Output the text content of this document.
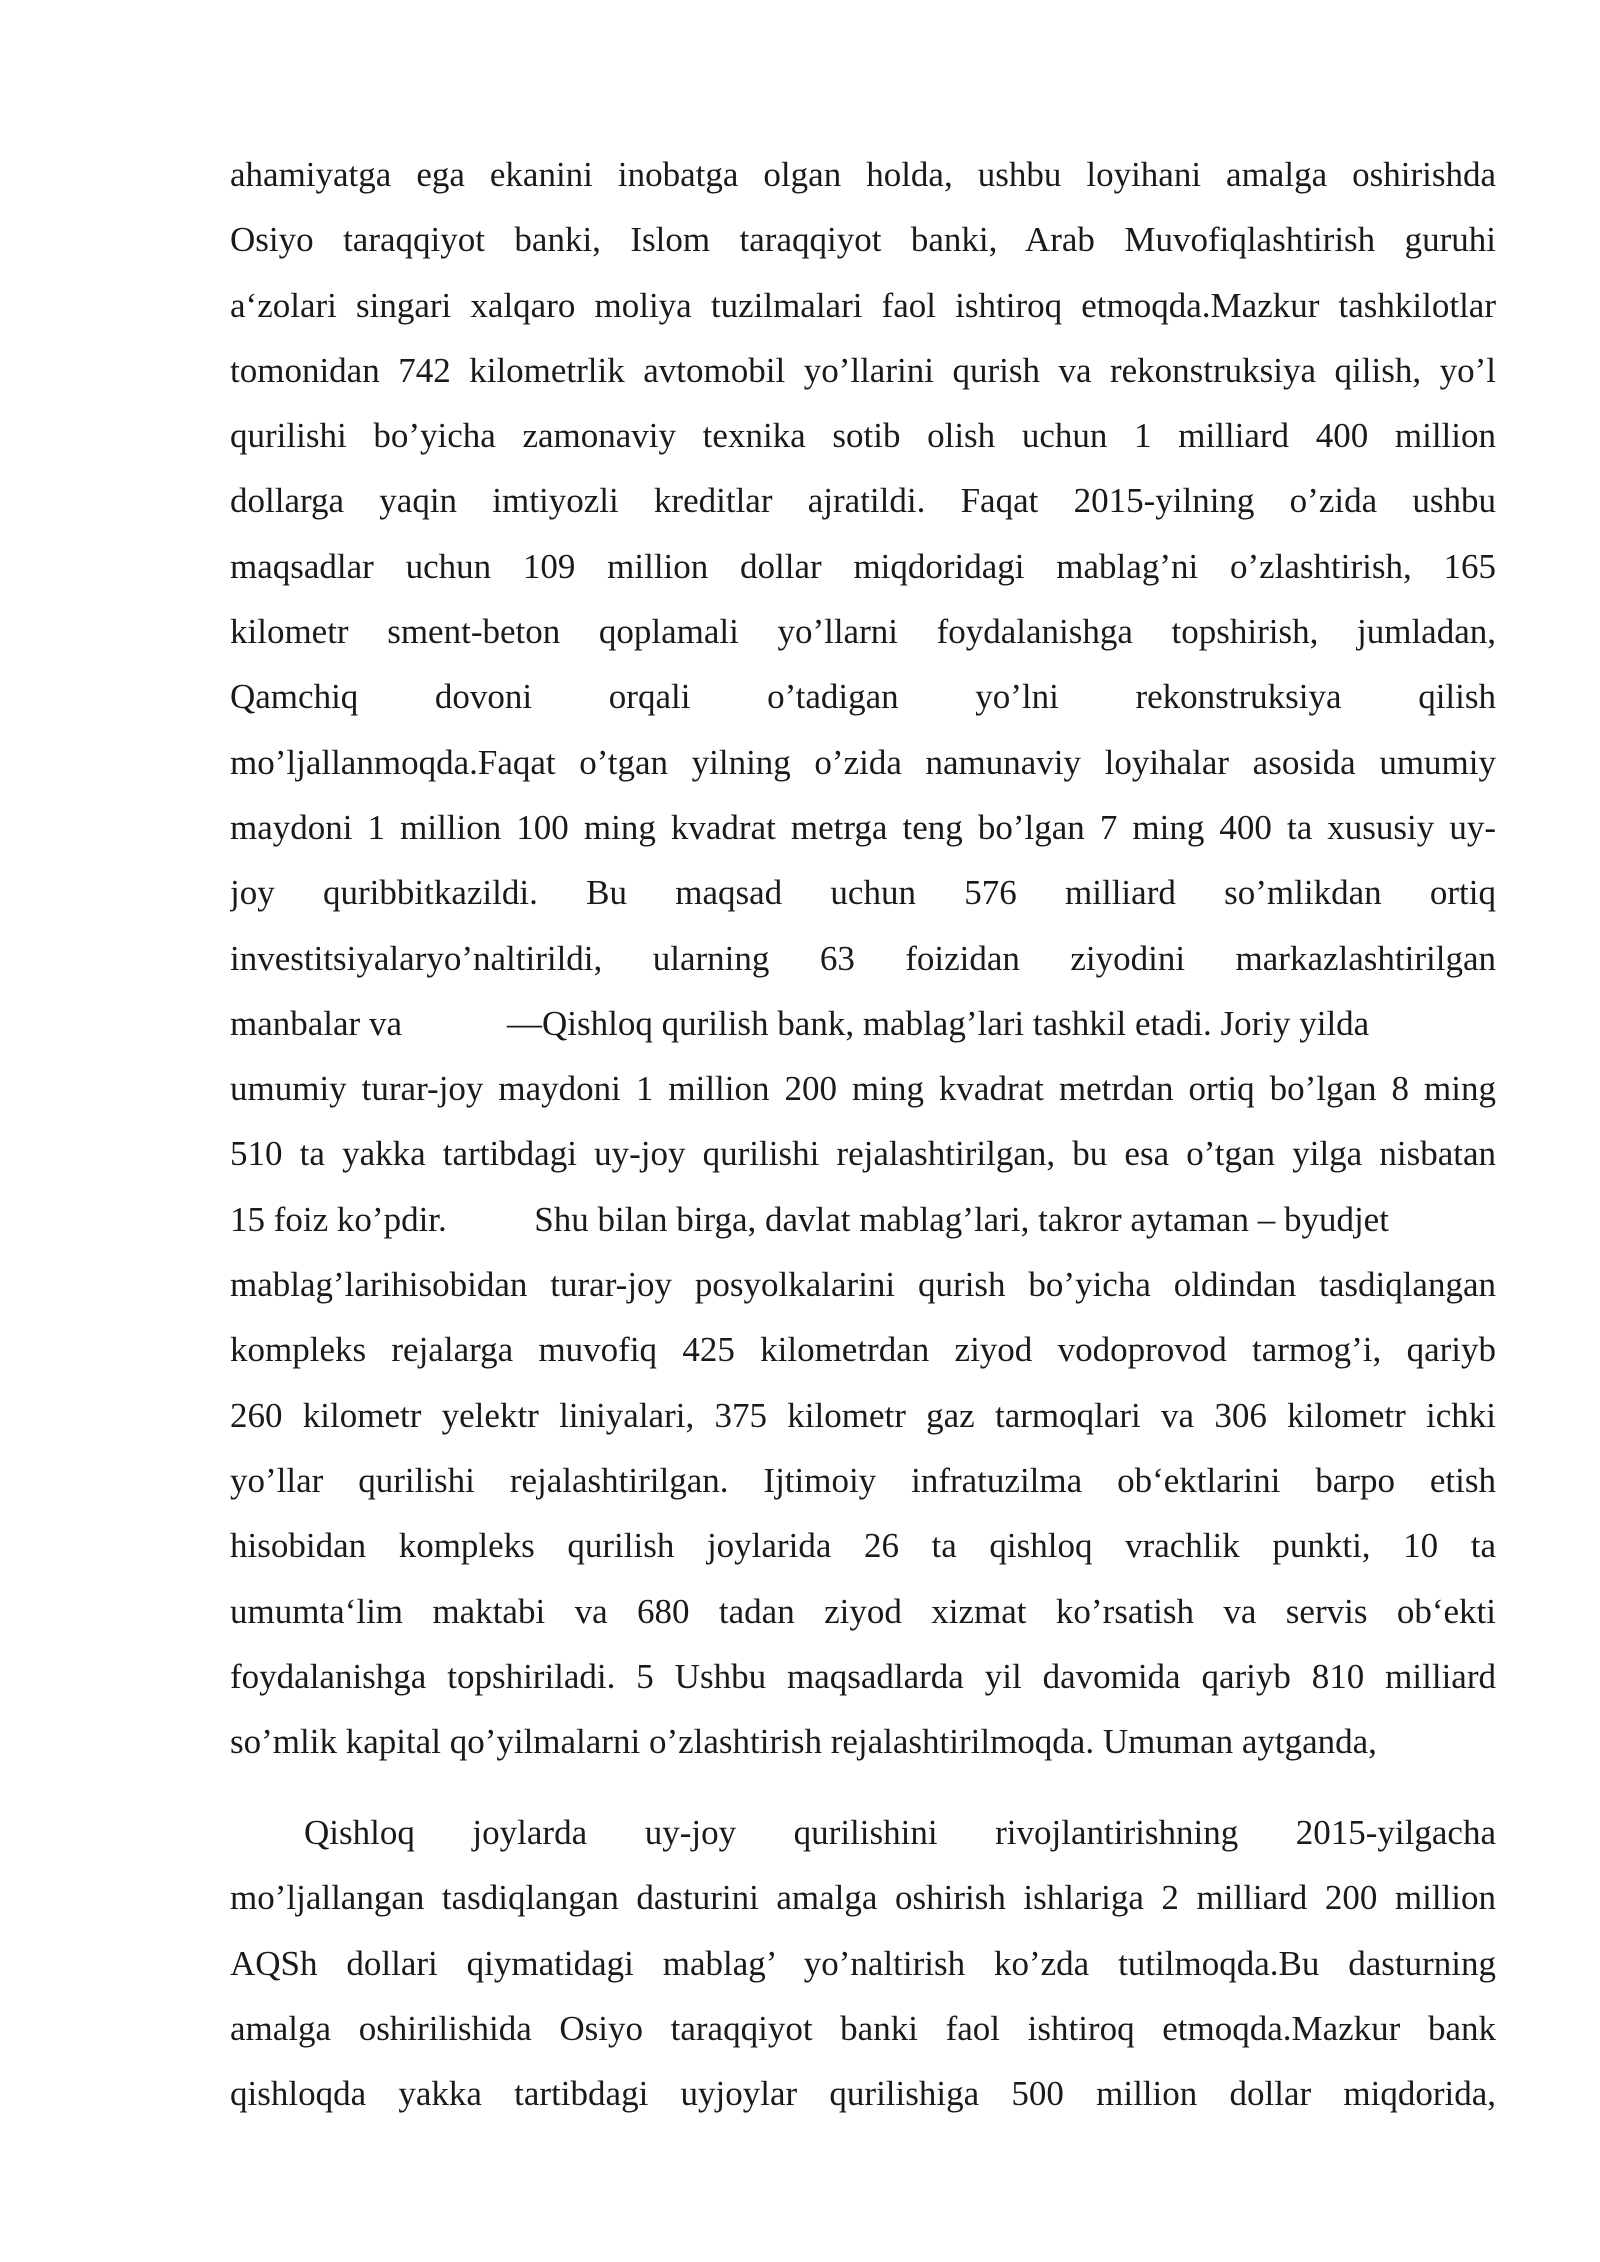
ahamiyatga ega ekanini inobatga olgan holda, ushbu loyihani amalga oshirishda
Osiyo taraqqiyot banki, Islom taraqqiyot banki, Arab Muvofiqlashtirish guruhi
a‘zolari singari xalqaro moliya tuzilmalari faol ishtiroq etmoqda.Mazkur tashkilotlar
tomonidan 742 kilometrlik avtomobil yo’llarini qurish va rekonstruksiya qilish, yo’l
qurilishi bo’yicha zamonaviy texnika sotib olish uchun 1 milliard 400 million
dollarga yaqin imtiyozli kreditlar ajratildi. Faqat 2015-yilning o’zida ushbu
maqsadlar uchun 109 million dollar miqdoridagi mablag’ni o’zlashtirish, 165
kilometr sment-beton qoplamali yo’llarni foydalanishga topshirish, jumladan,
Qamchiq dovoni orqali o’tadigan yo’lni rekonstruksiya qilish
mo’ljallanmoqda.Faqat o’tgan yilning o’zida namunaviy loyihalar asosida umumiy
maydoni 1 million 100 ming kvadrat metrga teng bo’lgan 7 ming 400 ta xususiy uy-
joy quribbitkazildi. Bu maqsad uchun 576 milliard so’mlikdan ortiq
investitsiyalaryo’naltirildi, ularning 63 foizidan ziyodini markazlashtirilgan
manbalar va            ―Qishloq qurilish bank, mablag’lari tashkil etadi. Joriy yilda
umumiy turar-joy maydoni 1 million 200 ming kvadrat metrdan ortiq bo’lgan 8 ming
510 ta yakka tartibdagi uy-joy qurilishi rejalashtirilgan, bu esa o’tgan yilga nisbatan
15 foiz ko’pdir.          Shu bilan birga, davlat mablag’lari, takror aytaman – byudjet
mablag’larihisobidan turar-joy posyolkalarini qurish bo’yicha oldindan tasdiqlangan
kompleks rejalarga muvofiq 425 kilometrdan ziyod vodoprovod tarmog’i, qariyb
260 kilometr yelektr liniyalari, 375 kilometr gaz tarmoqlari va 306 kilometr ichki
yo’llar qurilishi rejalashtirilgan. Ijtimoiy infratuzilma ob‘ektlarini barpo etish
hisobidan kompleks qurilish joylarida 26 ta qishloq vrachlik punkti, 10 ta
umumta‘lim maktabi va 680 tadan ziyod xizmat ko’rsatish va servis ob‘ekti
foydalanishga topshiriladi. 5 Ushbu maqsadlarda yil davomida qariyb 810 milliard
so’mlik kapital qo’yilmalarni o’zlashtirish rejalashtirilmoqda. Umuman aytganda,
Qishloq joylarda uy-joy qurilishini rivojlantirishning 2015-yilgacha
mo’ljallangan tasdiqlangan dasturini amalga oshirish ishlariga 2 milliard 200 million
AQSh dollari qiymatidagi mablag’ yo’naltirish ko’zda tutilmoqda.Bu dasturning
amalga oshirilishida Osiyo taraqqiyot banki faol ishtiroq etmoqda.Mazkur bank
qishloqda yakka tartibdagi uyjoylar qurilishiga 500 million dollar miqdorida,
